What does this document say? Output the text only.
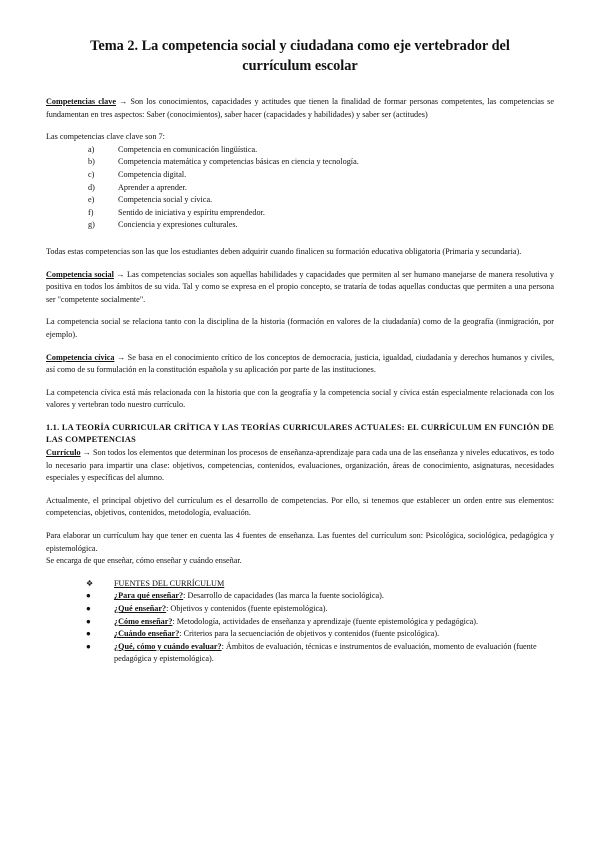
Tema 2. La competencia social y ciudadana como eje vertebrador del currículum escolar

Competencias clave → Son los conocimientos, capacidades y actitudes que tienen la finalidad de formar personas competentes, las competencias se fundamentan en tres aspectos: Saber (conocimientos), saber hacer (capacidades y habilidades) y saber ser (actitudes)

Las competencias clave clave son 7:

a)	Competencia en comunicación lingüística.
b)	Competencia matemática y competencias básicas en ciencia y tecnología.
c)	Competencia digital.
d)	Aprender a aprender.
e)	Competencia social y cívica.
f)	Sentido de iniciativa y espíritu emprendedor.
g)	Conciencia y expresiones culturales.

Todas estas competencias son las que los estudiantes deben adquirir cuando finalicen su formación educativa obligatoria (Primaria y secundaria).

Competencia social → Las competencias sociales son aquellas habilidades y capacidades que permiten al ser humano manejarse de manera resolutiva y positiva en todos los ámbitos de su vida. Tal y como se expresa en el propio concepto, se trataría de todas aquellas conductas que permiten a una persona ser "competente socialmente".

La competencia social se relaciona tanto con la disciplina de la historia (formación en valores de la ciudadanía) como de la geografía (inmigración, por ejemplo).

Competencia cívica → Se basa en el conocimiento crítico de los conceptos de democracia, justicia, igualdad, ciudadanía y derechos humanos y civiles, así como de su formulación en la constitución española y su aplicación por parte de las instituciones.

La competencia cívica está más relacionada con la historia que con la geografía y la competencia social y cívica están especialmente relacionada con los valores y vertebran todo nuestro currículo.

1.1. LA TEORÍA CURRICULAR CRÍTICA Y LAS TEORÍAS CURRICULARES ACTUALES: EL CURRÍCULUM EN FUNCIÓN DE LAS COMPETENCIAS

Currículo → Son todos los elementos que determinan los procesos de enseñanza-aprendizaje para cada una de las enseñanza y niveles educativos, es todo lo necesario para impartir una clase: objetivos, competencias, contenidos, evaluaciones, organización, áreas de conocimiento, asignaturas, necesidades especiales y específicas del alumno.

Actualmente, el principal objetivo del currículum es el desarrollo de competencias. Por ello, si tenemos que establecer un orden entre sus elementos: competencias, objetivos, contenidos, metodología, evaluación.

Para elaborar un currículum hay que tener en cuenta las 4 fuentes de enseñanza. Las fuentes del currículum son: Psicológica, sociológica, pedagógica y epistemológica.

Se encarga de que enseñar, cómo enseñar y cuándo enseñar.

❖	FUENTES DEL CURRÍCULUM
●	¿Para qué enseñar?: Desarrollo de capacidades (las marca la fuente sociológica).
●	¿Qué enseñar?: Objetivos y contenidos (fuente epistemológica).
●	¿Cómo enseñar?: Metodología, actividades de enseñanza y aprendizaje (fuente epistemológica y pedagógica).
●	¿Cuándo enseñar?: Criterios para la secuenciación de objetivos y contenidos (fuente psicológica).
●	¿Qué, cómo y cuándo evaluar?: Ámbitos de evaluación, técnicas e instrumentos de evaluación, momento de evaluación (fuente pedagógica y epistemológica).
